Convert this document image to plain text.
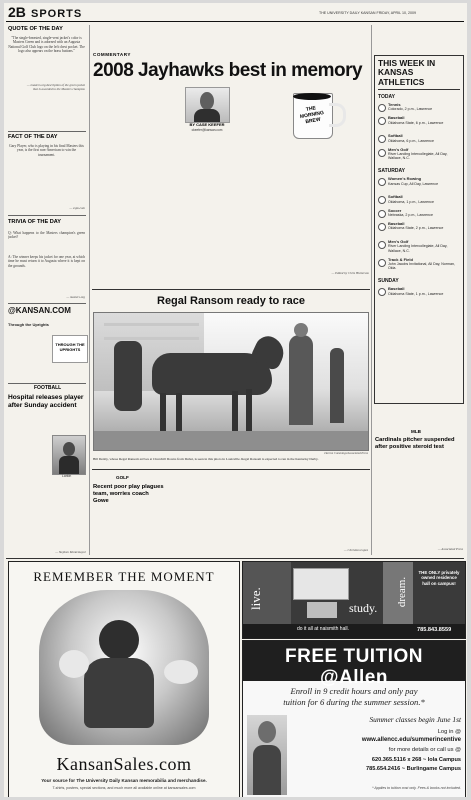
2B SPORTS	THE UNIVERSITY DAILY KANSAN FRIDAY, APRIL 10, 2009
QUOTE OF THE DAY
"The single-breasted, single-vent jacket's color is Masters Green and is adorned with an Augusta National Golf Club logo on the left chest pocket. The logo also appears on the brass buttons."
— masters.org description of the green jacket that is awarded to the Masters champion
FACT OF THE DAY
Gary Player, who is playing in his final Masters this year, is the first non-American to win the tournament.
— espn.com
TRIVIA OF THE DAY
Q: What happens to the Masters champion's green jacket?
A: The winner keeps his jacket for one year, at which time he must return it to Augusta where it is kept on the grounds.
— masters.org
@KANSAN.COM
Through the Uprights
THROUGH THE UPRIGHTS
FOOTBALL
Hospital releases player after Sunday accident
Larkin
— Stephen Montemayor
COMMENTARY
2008 Jayhawks best in memory
BY CASE KEEFER
ckeefer@kansan.com
THE MORNING BREW
— Edited by Chris Hickerson
Regal Ransom ready to race
Darron Cummings/Associated Press
Bill Denby, whose Regal Ransom arrives at Churchill Downs from Dubai, is seen in this photo in Louisville. Regal Ransom is expected to run in the Kentucky Derby.
GOLF
Recent poor play plagues team, worries coach Gowe
— Christian Lopez
THIS WEEK IN KANSAS ATHLETICS
TODAY
Tennis
Colorado, 2 p.m., Lawrence
Baseball
Oklahoma State, 6 p.m., Lawrence
Softball
Oklahoma, 6 p.m., Lawrence
Men's Golf
River Landing Intercollegiate, All Day, Wallace, N.C.
SATURDAY
Women's Rowing
Kansas Cup, All Day, Lawrence
Softball
Oklahoma, 1 p.m., Lawrence
Soccer
Nebraska, 2 p.m., Lawrence
Baseball
Oklahoma State, 2 p.m., Lawrence
Men's Golf
River Landing Intercollegiate, All Day, Wallace, N.C.
Track & Field
John Jacobs Invitational, All Day, Norman, Okla.
SUNDAY
Baseball
Oklahoma State, 1 p.m., Lawrence
MLB
Cardinals pitcher suspended after positive steroid test
— Associated Press
REMEMBER THE MOMENT
KansanSales.com
Your source for The University Daily Kansan memorabilia and merchandise.
T-shirts, posters, special sections, and much more all available online at kansansales.com
live.	study.
dream.
THE ONLY privately owned residence hall on campus!
do it all at naismith hall.	785.843.8559
FREE TUITION @Allen
Enroll in 9 credit hours and only pay
tuition for 6 during the summer session.*
Summer classes begin June 1st
Log in @
www.allencc.edu/summerincentive
for more details or call us @
620.365.5116 x 268 ~ Iola Campus
785.654.2416 ~ Burlingame Campus
* Applies to tuition cost only. Fees & books not included.
